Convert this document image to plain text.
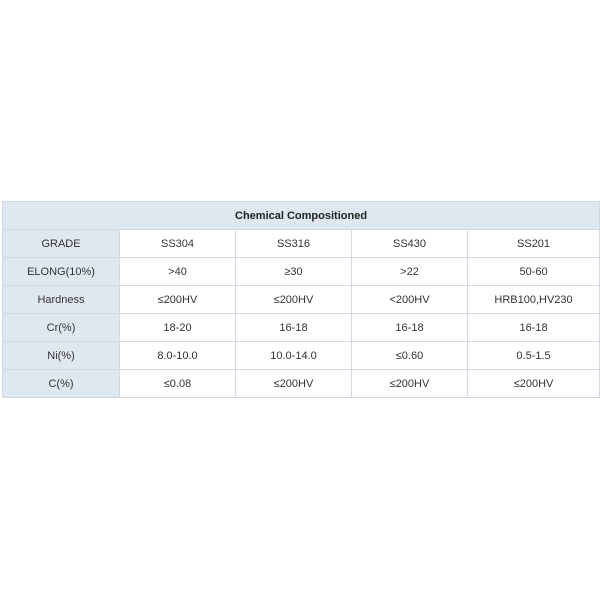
Chemical Compositioned				
GRADE	SS304	SS316	SS430	SS201
ELONG(10%)	>40	≥30	>22	50-60
Hardness	≤200HV	≤200HV	<200HV	HRB100,HV230
Cr(%)	18-20	16-18	16-18	16-18
Ni(%)	8.0-10.0	10.0-14.0	≤0.60	0.5-1.5
C(%)	≤0.08	≤200HV	≤200HV	≤200HV
